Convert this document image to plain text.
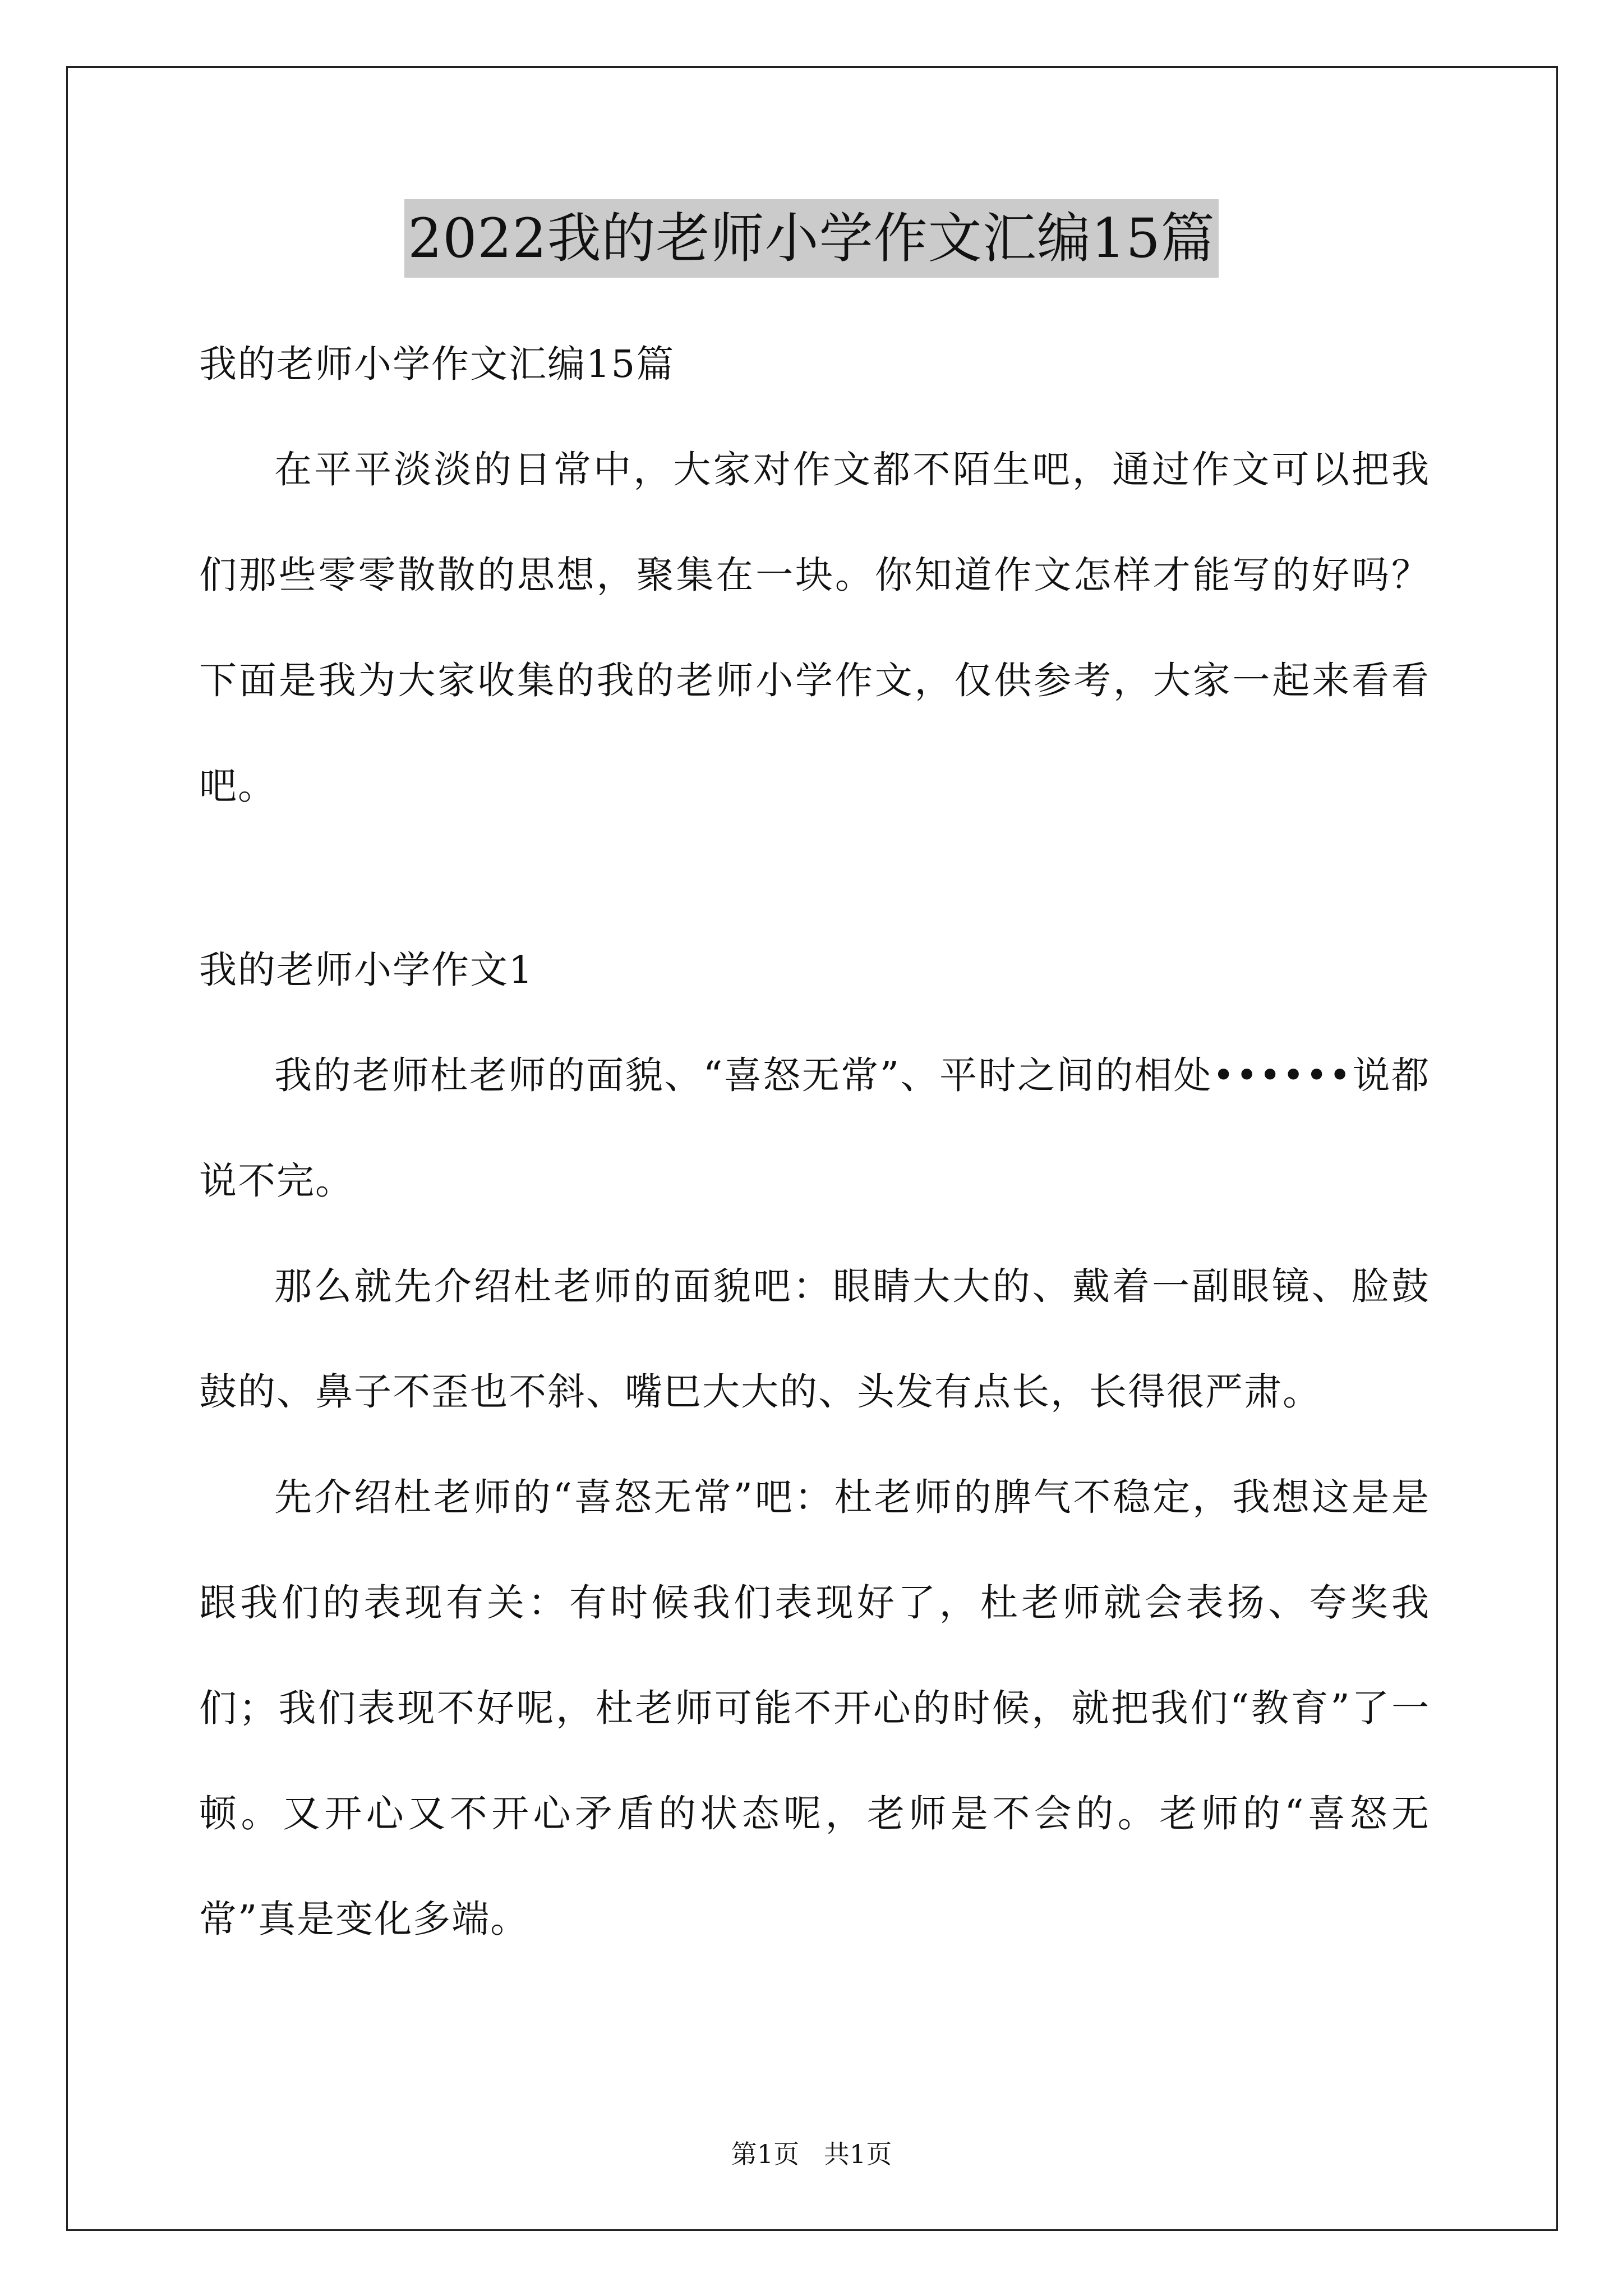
2022我的老师小学作文汇编15篇

我的老师小学作文汇编15篇

在平平淡淡的日常中，大家对作文都不陌生吧，通过作文可以把我们那些零零散散的思想，聚集在一块。你知道作文怎样才能写的好吗？下面是我为大家收集的我的老师小学作文，仅供参考，大家一起来看看吧。

我的老师小学作文1

我的老师杜老师的面貌、“喜怒无常”、平时之间的相处••••••说都说不完。

那么就先介绍杜老师的面貌吧：眼睛大大的、戴着一副眼镜、脸鼓鼓的、鼻子不歪也不斜、嘴巴大大的、头发有点长，长得很严肃。

先介绍杜老师的“喜怒无常”吧：杜老师的脾气不稳定，我想这是是跟我们的表现有关：有时候我们表现好了，杜老师就会表扬、夸奖我们；我们表现不好呢，杜老师可能不开心的时候，就把我们“教育”了一顿。又开心又不开心矛盾的状态呢，老师是不会的。老师的“喜怒无常”真是变化多端。

第1页   共1页
